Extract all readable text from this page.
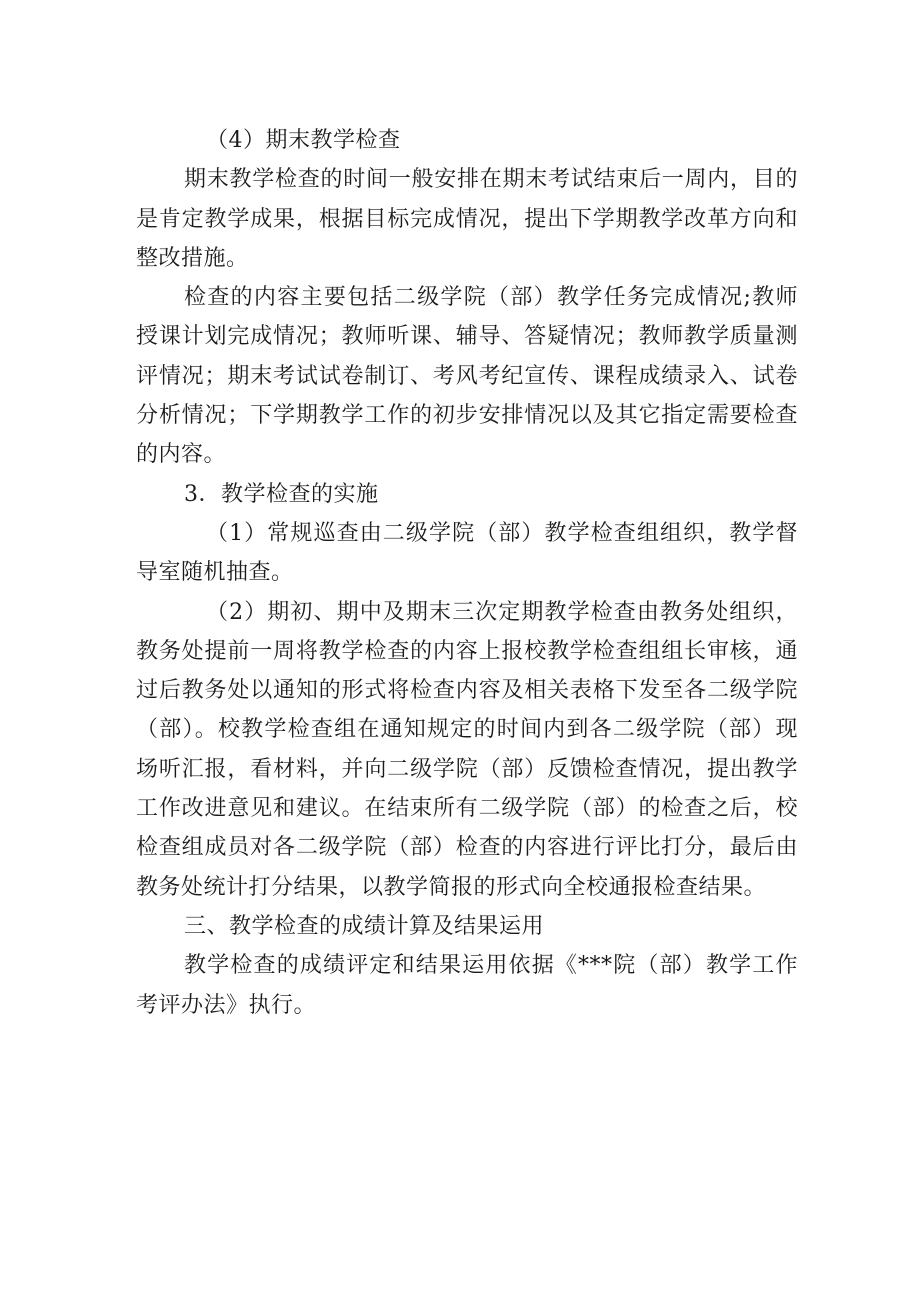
（4）期末教学检查

期末教学检查的时间一般安排在期末考试结束后一周内，目的是肯定教学成果，根据目标完成情况，提出下学期教学改革方向和整改措施。

检查的内容主要包括二级学院（部）教学任务完成情况;教师授课计划完成情况；教师听课、辅导、答疑情况；教师教学质量测评情况；期末考试试卷制订、考风考纪宣传、课程成绩录入、试卷分析情况；下学期教学工作的初步安排情况以及其它指定需要检查的内容。

3．教学检查的实施

（1）常规巡查由二级学院（部）教学检查组组织，教学督导室随机抽查。

（2）期初、期中及期末三次定期教学检查由教务处组织，教务处提前一周将教学检查的内容上报校教学检查组组长审核，通过后教务处以通知的形式将检查内容及相关表格下发至各二级学院（部）。校教学检查组在通知规定的时间内到各二级学院（部）现场听汇报，看材料，并向二级学院（部）反馈检查情况，提出教学工作改进意见和建议。在结束所有二级学院（部）的检查之后，校检查组成员对各二级学院（部）检查的内容进行评比打分，最后由教务处统计打分结果，以教学简报的形式向全校通报检查结果。

三、教学检查的成绩计算及结果运用

教学检查的成绩评定和结果运用依据《***院（部）教学工作考评办法》执行。
